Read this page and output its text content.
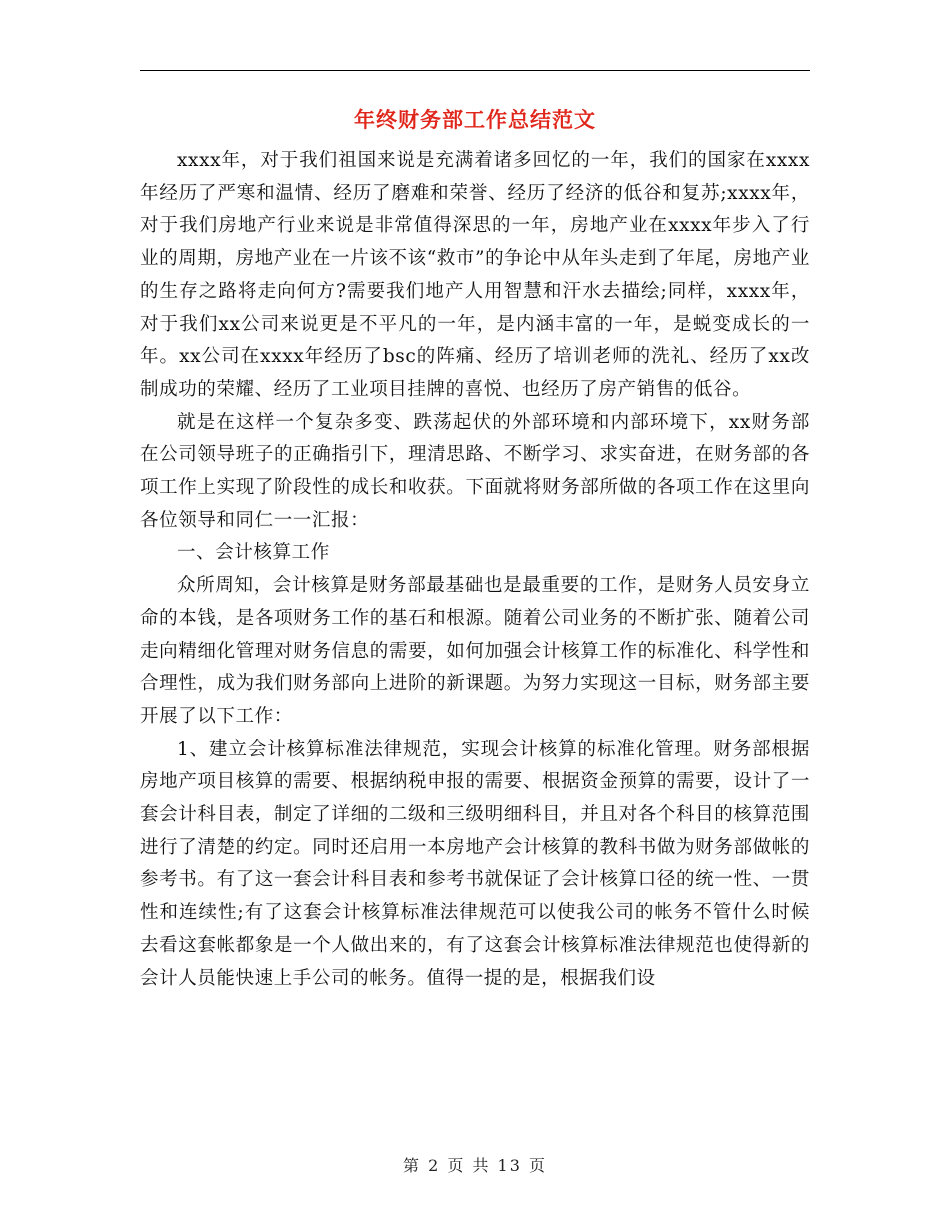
年终财务部工作总结范文

xxxx年，对于我们祖国来说是充满着诸多回忆的一年，我们的国家在xxxx年经历了严寒和温情、经历了磨难和荣誉、经历了经济的低谷和复苏;xxxx年，对于我们房地产行业来说是非常值得深思的一年，房地产业在xxxx年步入了行业的周期，房地产业在一片该不该“救市”的争论中从年头走到了年尾，房地产业的生存之路将走向何方?需要我们地产人用智慧和汗水去描绘;同样，xxxx年，对于我们xx公司来说更是不平凡的一年，是内涵丰富的一年，是蜕变成长的一年。xx公司在xxxx年经历了bsc的阵痛、经历了培训老师的洗礼、经历了xx改制成功的荣耀、经历了工业项目挂牌的喜悦、也经历了房产销售的低谷。

就是在这样一个复杂多变、跌荡起伏的外部环境和内部环境下，xx财务部在公司领导班子的正确指引下，理清思路、不断学习、求实奋进，在财务部的各项工作上实现了阶段性的成长和收获。下面就将财务部所做的各项工作在这里向各位领导和同仁一一汇报：

一、会计核算工作

众所周知，会计核算是财务部最基础也是最重要的工作，是财务人员安身立命的本钱，是各项财务工作的基石和根源。随着公司业务的不断扩张、随着公司走向精细化管理对财务信息的需要，如何加强会计核算工作的标准化、科学性和合理性，成为我们财务部向上进阶的新课题。为努力实现这一目标，财务部主要开展了以下工作：

1、建立会计核算标准法律规范，实现会计核算的标准化管理。财务部根据房地产项目核算的需要、根据纳税申报的需要、根据资金预算的需要，设计了一套会计科目表，制定了详细的二级和三级明细科目，并且对各个科目的核算范围进行了清楚的约定。同时还启用一本房地产会计核算的教科书做为财务部做帐的参考书。有了这一套会计科目表和参考书就保证了会计核算口径的统一性、一贯性和连续性;有了这套会计核算标准法律规范可以使我公司的帐务不管什么时候去看这套帐都象是一个人做出来的，有了这套会计核算标准法律规范也使得新的会计人员能快速上手公司的帐务。值得一提的是，根据我们设

第 2 页 共 13 页
